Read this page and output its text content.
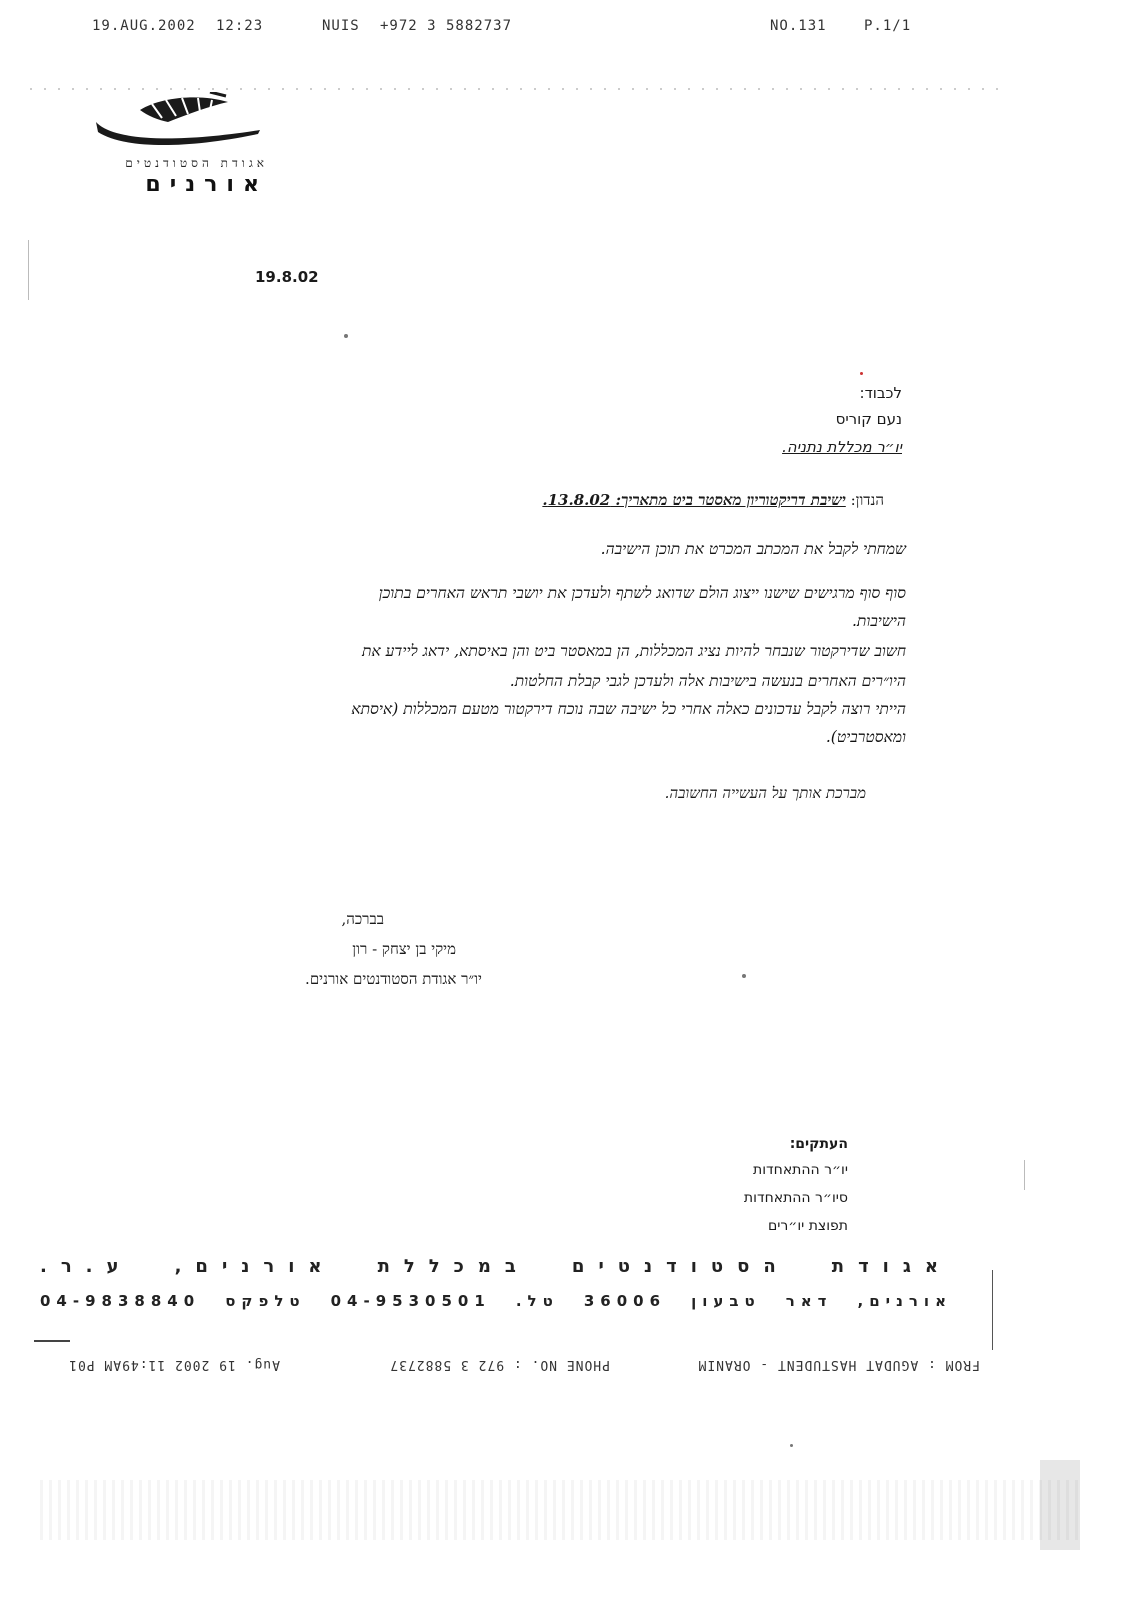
19.AUG.2002 12:23	NUIS +972 3 5882737	NO.131	P.1/1
אגודת הסטודנטים
אורנים
19.8.02
לכבוד:
נעם קוריס
יו״ר מכללת נתניה.
הנדון: ישיבת דריקטוריון מאסטר ביט מתאריך: 13.8.02.
שמחתי לקבל את המכתב המכרט את תוכן הישיבה.
סוף סוף מרגישים שישנו ייצוג הולם שדואג לשתף ולעדכן את יושבי תראש האחרים בתוכן
הישיבות.
חשוב שדירקטור שנבחר להיות נציג המכללות, הן במאסטר ביט והן באיסתא, ידאג ליידע את
היו״רים האחרים בנעשה בישיבות אלה ולעדכן לגבי קבלת החלטות.
הייתי רוצה לקבל עדכונים כאלה אחרי כל ישיבה שבה נוכח דירקטור מטעם המכללות (איסתא
ומאסטרביט).
מברכת אותך על העשייה החשובה.
בברכה,
מיקי בן יצחק - רון
יו״ר אגודת הסטודנטים אורנים.
העתקים:
יו״ר ההתאחדות
סיו״ר ההתאחדות
תפוצת יו״רים
אגודת הסטודנטים במכללת אורנים, ע.ר.
אורנים, דאר טבעון 36006 טל. 04-9530501 טלפקס 04-9838840
FROM : AGUDAT HASTUDENT - ORANIM
PHONE NO. : 972 3 5882737
Aug. 19 2002 11:49AM P01
